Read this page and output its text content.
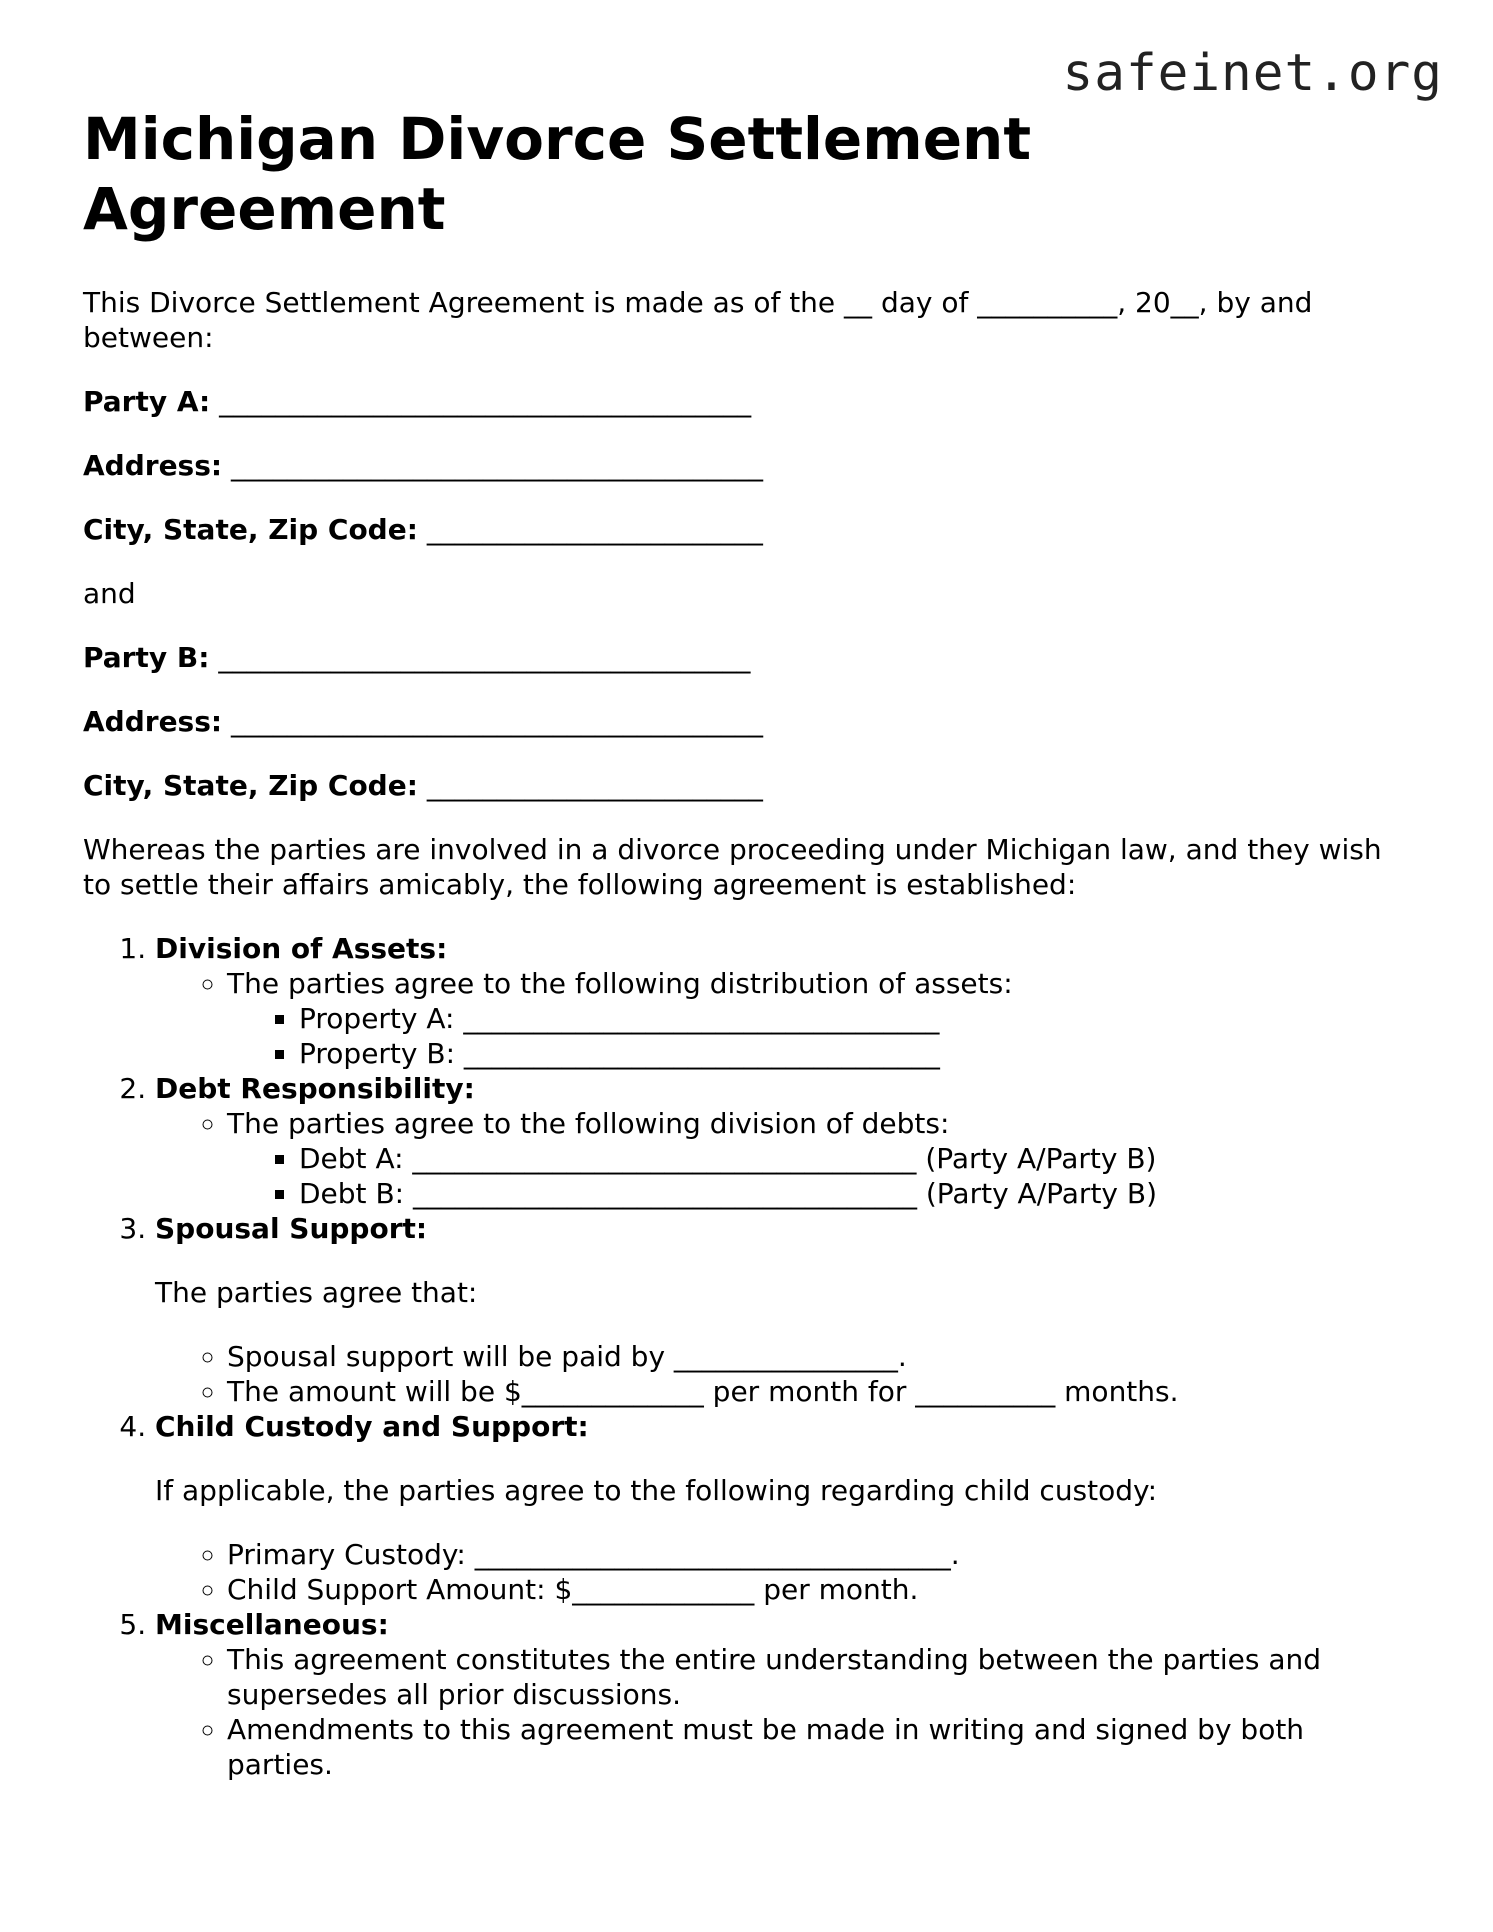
safeinet.org
Michigan Divorce Settlement Agreement

This Divorce Settlement Agreement is made as of the __ day of __________, 20__, by and between:

Party A: ______________________________________

Address: ______________________________________

City, State, Zip Code: ________________________

and

Party B: ______________________________________

Address: ______________________________________

City, State, Zip Code: ________________________

Whereas the parties are involved in a divorce proceeding under Michigan law, and they wish to settle their affairs amicably, the following agreement is established:

1. Division of Assets:
◦ The parties agree to the following distribution of assets:
▪ Property A: __________________________________
▪ Property B: __________________________________
2. Debt Responsibility:
◦ The parties agree to the following division of debts:
▪ Debt A: ____________________________________ (Party A/Party B)
▪ Debt B: ____________________________________ (Party A/Party B)
3. Spousal Support:

The parties agree that:

◦ Spousal support will be paid by ________________.
◦ The amount will be $_____________ per month for __________ months.
4. Child Custody and Support:

If applicable, the parties agree to the following regarding child custody:

◦ Primary Custody: __________________________________.
◦ Child Support Amount: $_____________ per month.
5. Miscellaneous:
◦ This agreement constitutes the entire understanding between the parties and supersedes all prior discussions.
◦ Amendments to this agreement must be made in writing and signed by both parties.
